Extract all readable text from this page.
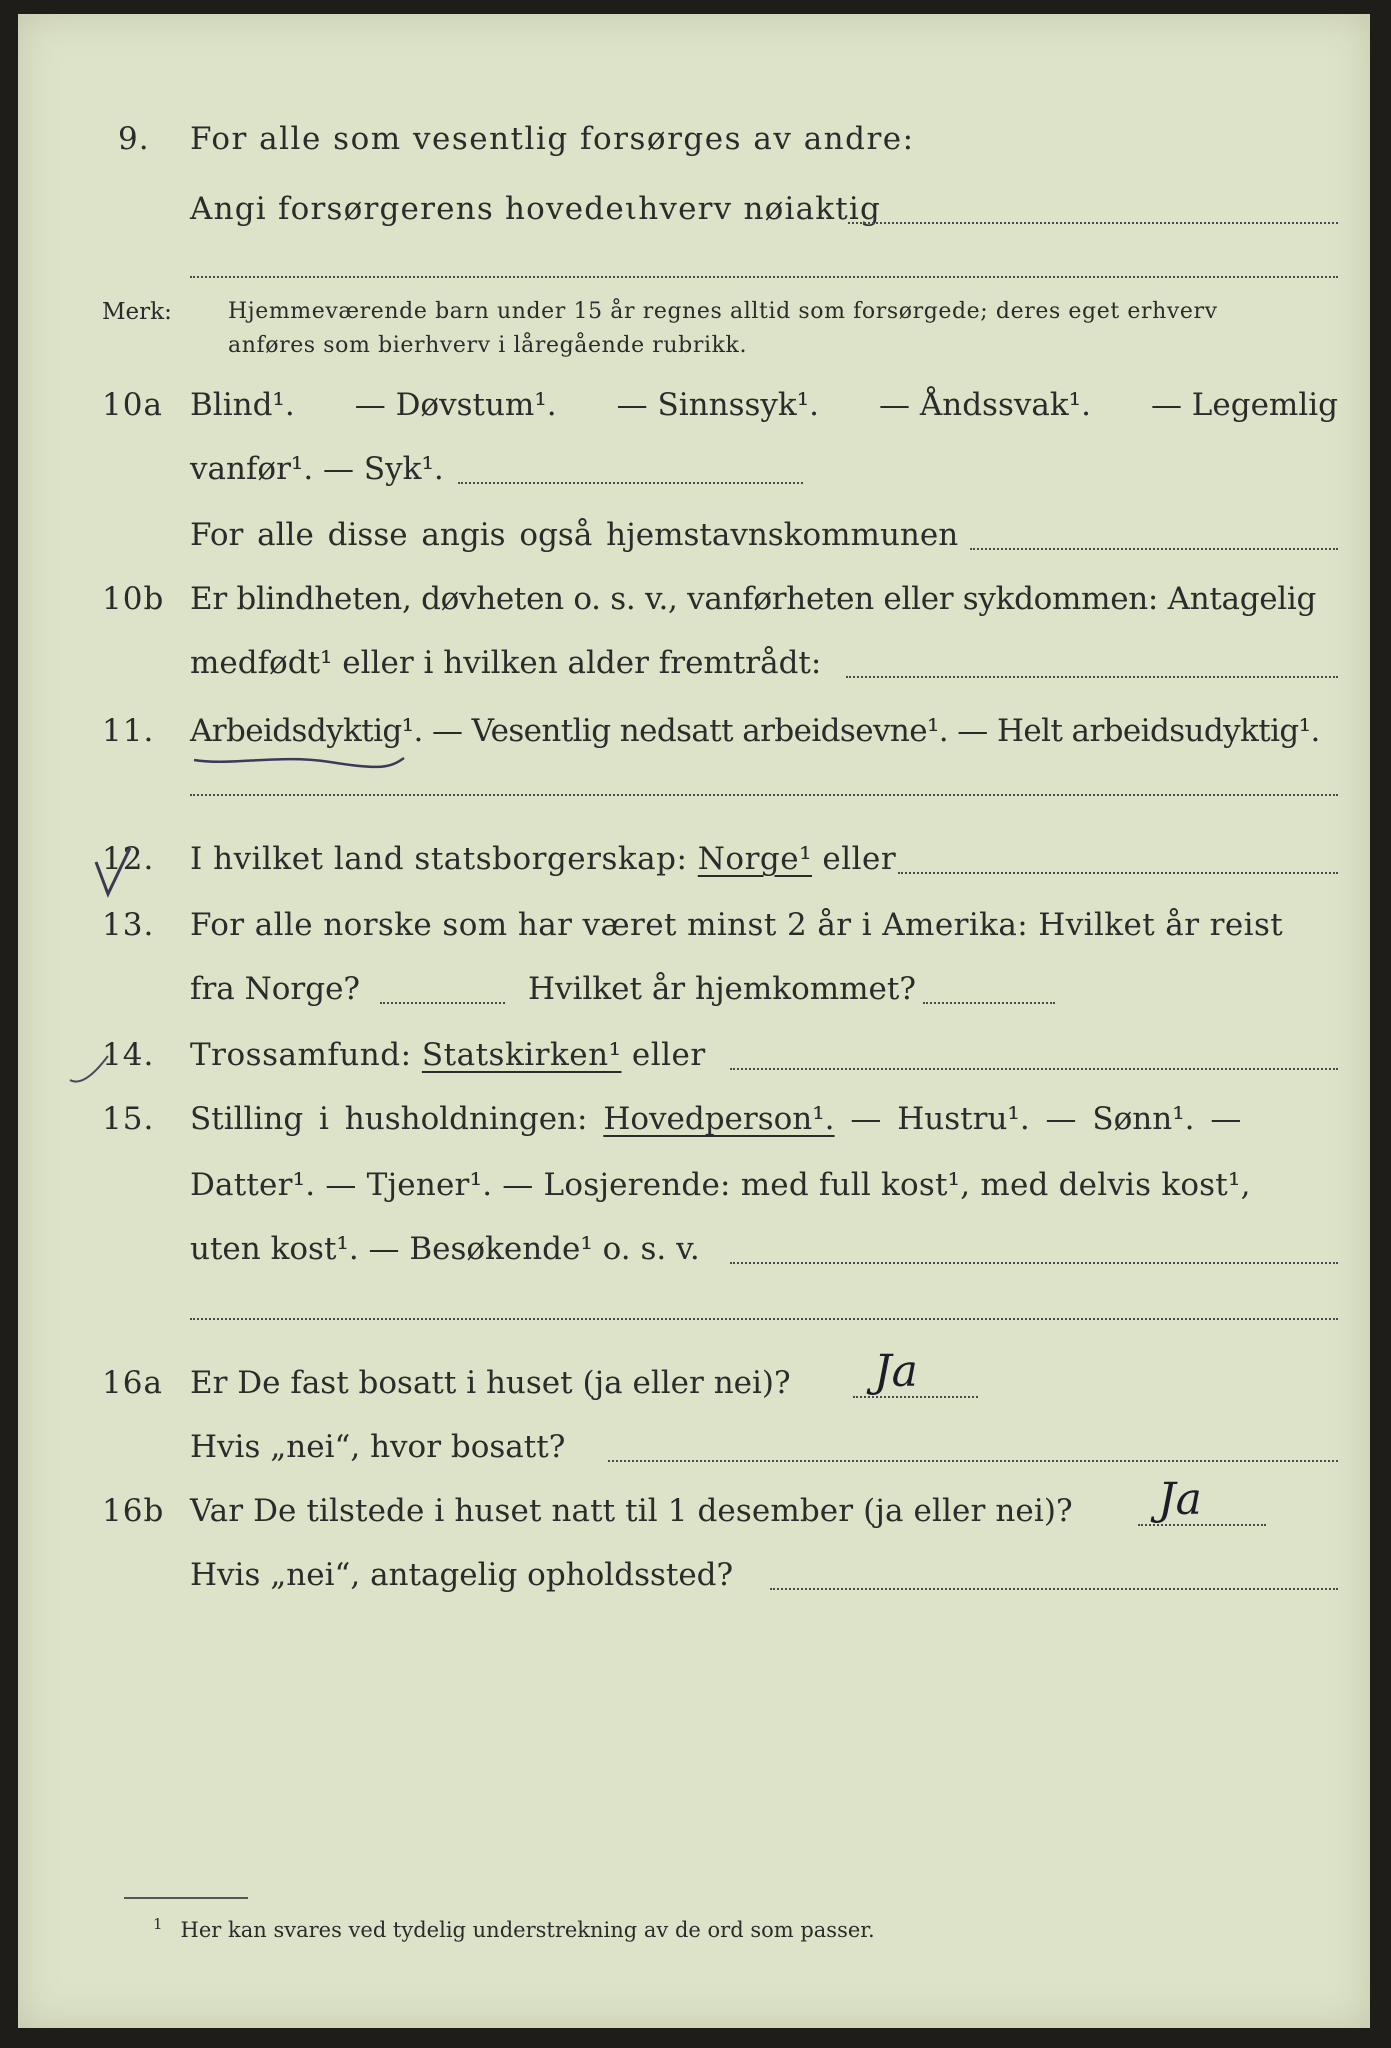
9.	For alle som vesentlig forsørges av andre:
Angi forsørgerens hovedeιhverv nøiaktig
Merk:	Hjemmeværende barn under 15 år regnes alltid som forsørgede; deres eget erhverv
anføres som bierhverv i låregående rubrikk.
10a Blind¹. — Døvstum¹. — Sinnssyk¹. — Åndssvak¹. — Legemlig
vanfør¹. — Syk¹.
For alle disse angis også hjemstavnskommunen
10b Er blindheten, døvheten o. s. v., vanførheten eller sykdommen: Antagelig
medfødt¹ eller i hvilken alder fremtrådt:
11.	Arbeidsdyktig¹. — Vesentlig nedsatt arbeidsevne¹. — Helt arbeidsudyktig¹.
12.	I hvilket land statsborgerskap: Norge¹ eller
13.	For alle norske som har været minst 2 år i Amerika: Hvilket år reist
fra Norge?	Hvilket år hjemkommet?
14.	Trossamfund: Statskirken¹ eller
15.	Stilling i husholdningen: Hovedperson¹. — Hustru¹. — Sønn¹. —
Datter¹. — Tjener¹. — Losjerende: med full kost¹, med delvis kost¹,
uten kost¹. — Besøkende¹ o. s. v.
16a Er De fast bosatt i huset (ja eller nei)? Ja
Hvis „nei“, hvor bosatt?
16b Var De tilstede i huset natt til 1 desember (ja eller nei)? Ja
Hvis „nei“, antagelig opholdssted?
$^1$ Her kan svares ved tydelig understrekning av de ord som passer.
